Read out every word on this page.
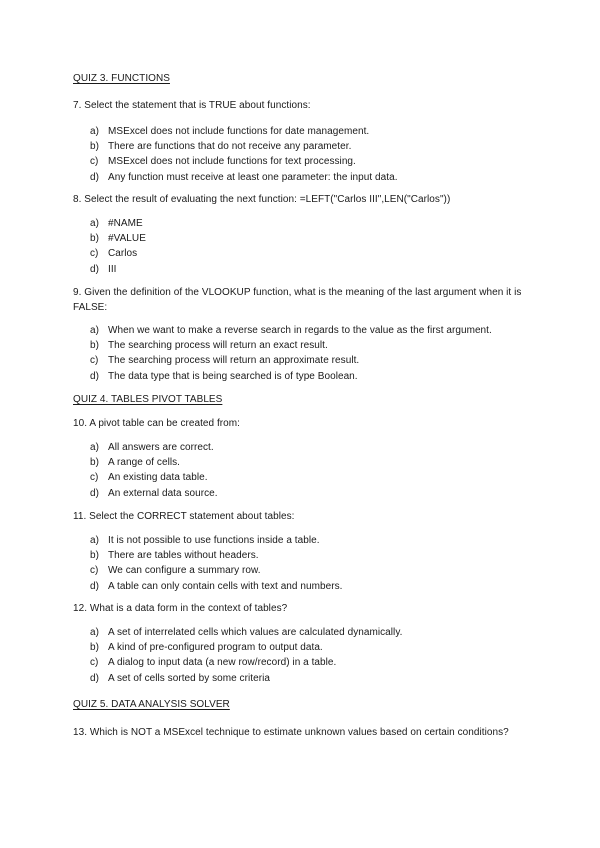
QUIZ 3. FUNCTIONS

7. Select the statement that is TRUE about functions:

a) MSExcel does not include functions for date management.
b) There are functions that do not receive any parameter.
c) MSExcel does not include functions for text processing.
d) Any function must receive at least one parameter: the input data.

8. Select the result of evaluating the next function: =LEFT("Carlos III",LEN("Carlos"))

a) #NAME
b) #VALUE
c) Carlos
d) III

9. Given the definition of the VLOOKUP function, what is the meaning of the last argument when it is FALSE:

a) When we want to make a reverse search in regards to the value as the first argument.
b) The searching process will return an exact result.
c) The searching process will return an approximate result.
d) The data type that is being searched is of type Boolean.
QUIZ 4. TABLES PIVOT TABLES

10. A pivot table can be created from:

a) All answers are correct.
b) A range of cells.
c) An existing data table.
d) An external data source.

11. Select the CORRECT statement about tables:

a) It is not possible to use functions inside a table.
b) There are tables without headers.
c) We can configure a summary row.
d) A table can only contain cells with text and numbers.

12. What is a data form in the context of tables?

a) A set of interrelated cells which values are calculated dynamically.
b) A kind of pre-configured program to output data.
c) A dialog to input data (a new row/record) in a table.
d) A set of cells sorted by some criteria
QUIZ 5. DATA ANALYSIS SOLVER

13. Which is NOT a MSExcel technique to estimate unknown values based on certain conditions?
